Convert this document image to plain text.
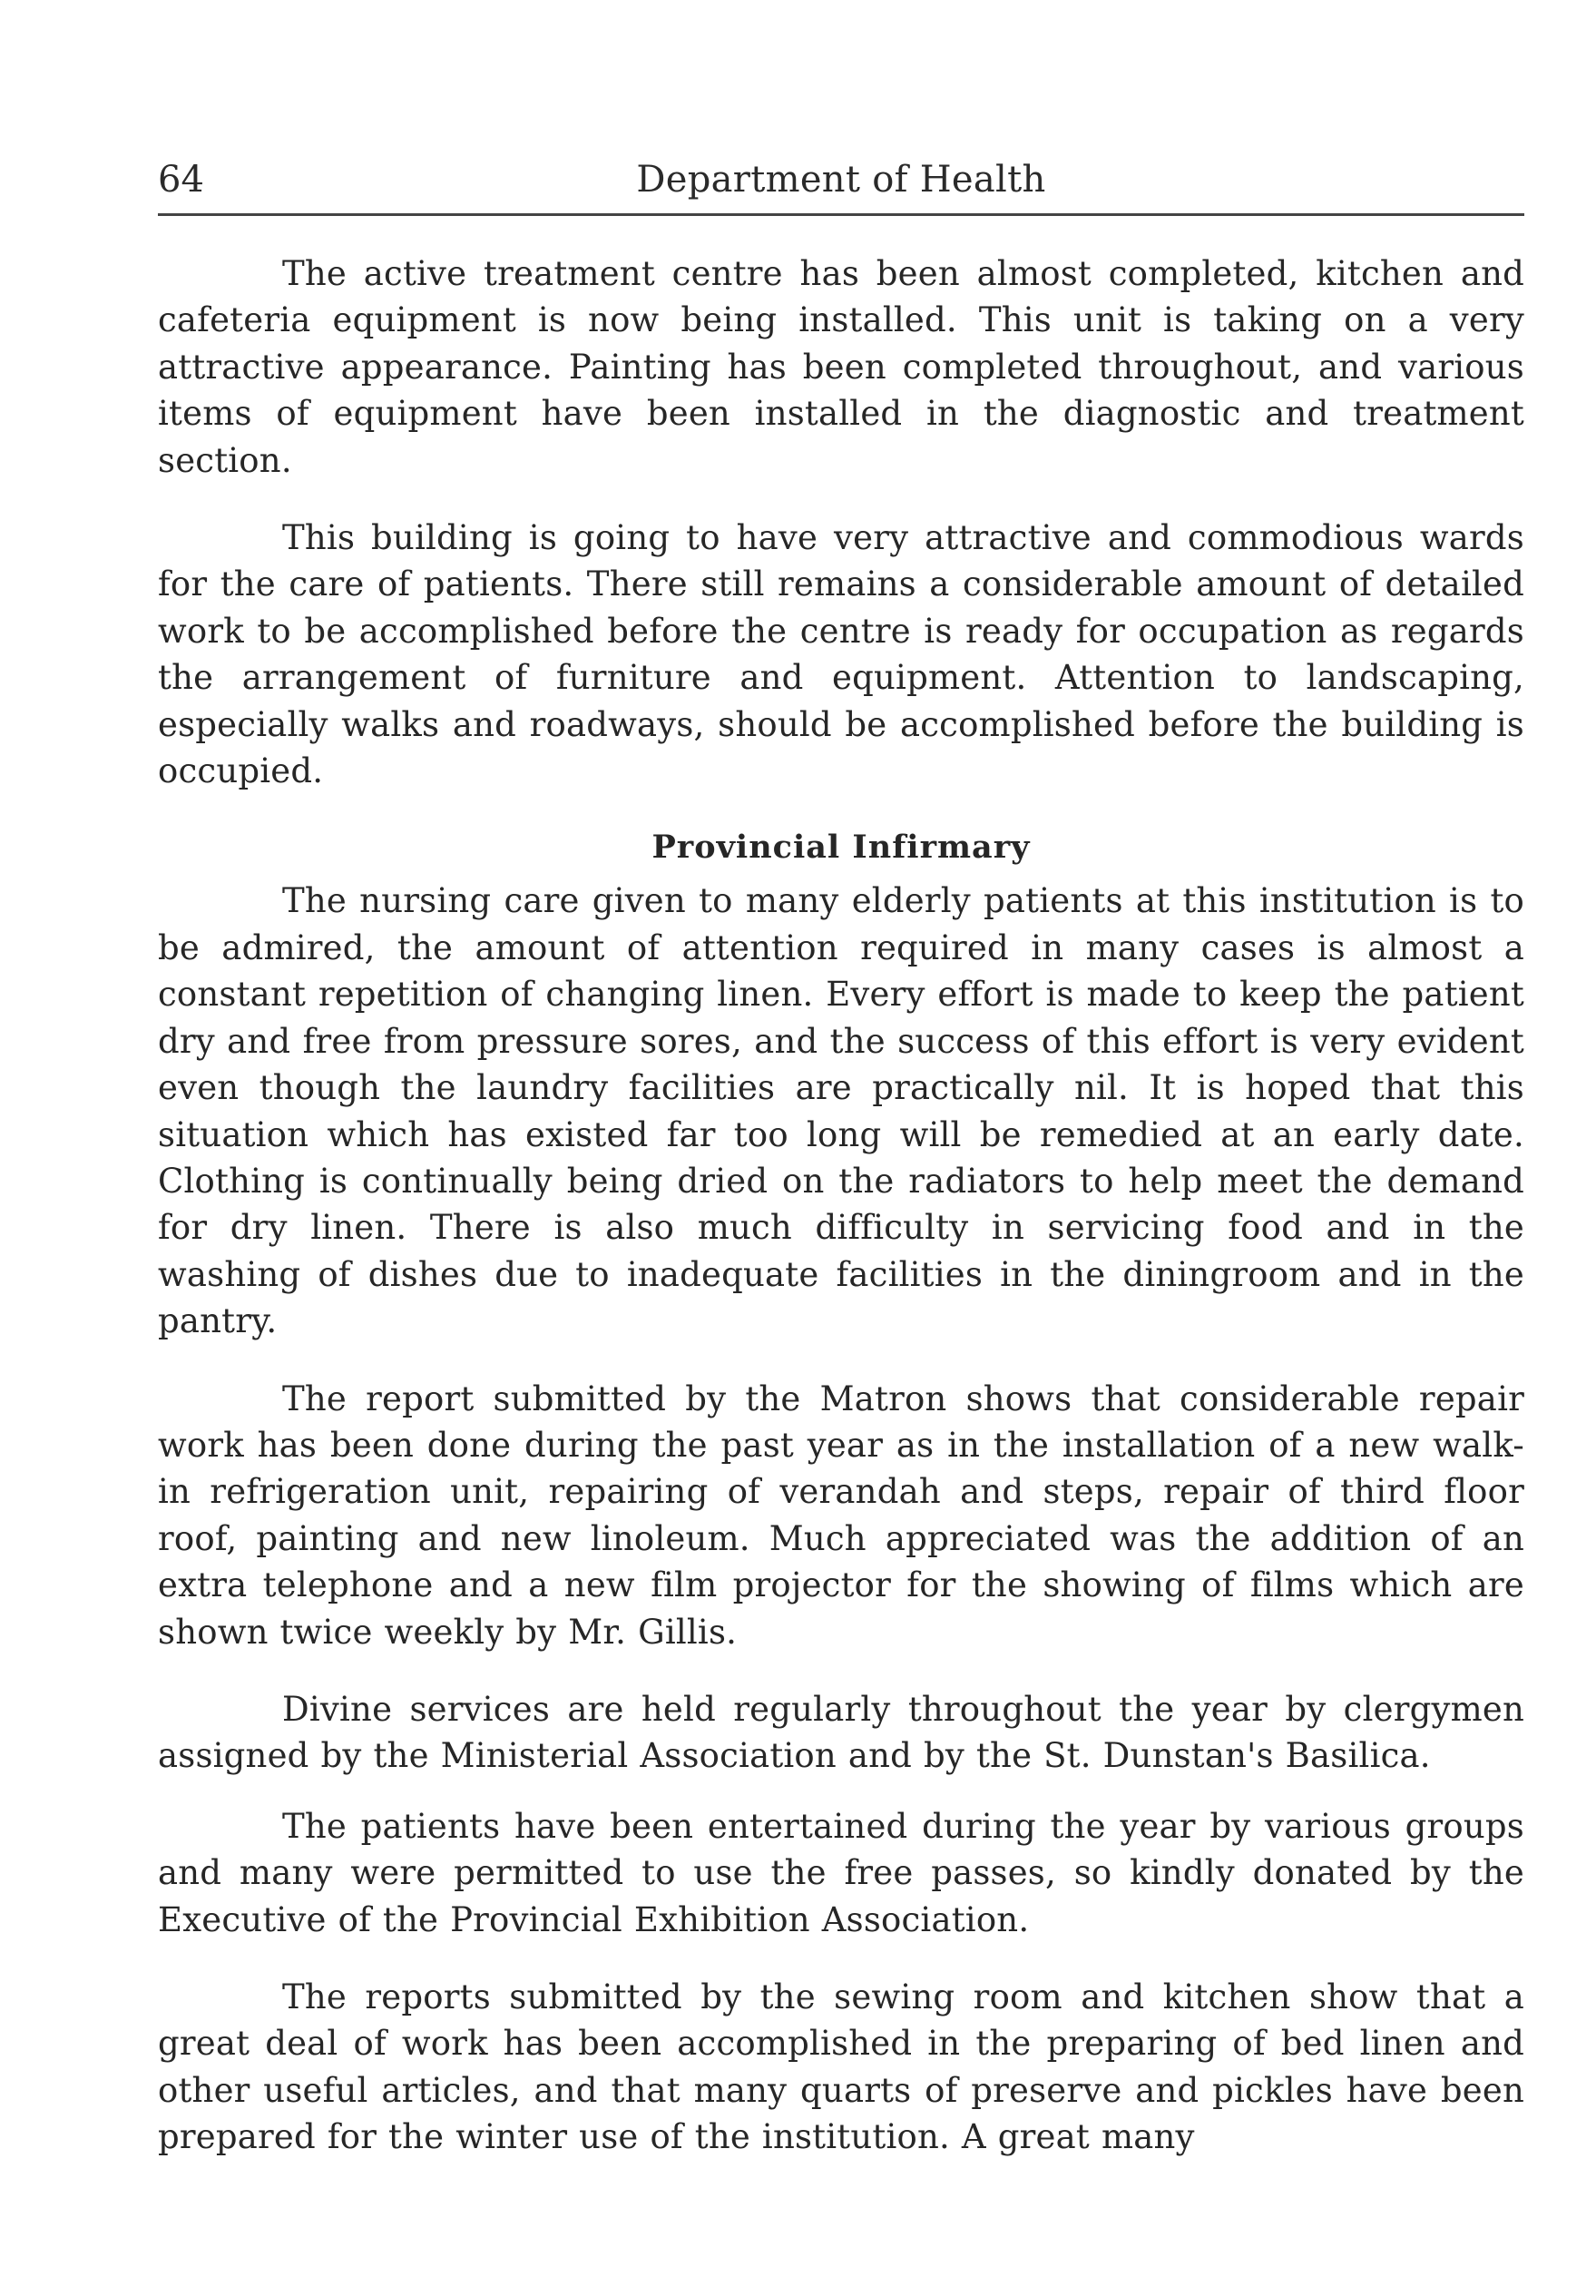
64	Department of Health

The active treatment centre has been almost completed, kitchen and cafeteria equipment is now being installed. This unit is taking on a very attractive appearance. Painting has been completed throughout, and various items of equipment have been installed in the diagnostic and treatment section.

This building is going to have very attractive and commodious wards for the care of patients. There still remains a considerable amount of detailed work to be accomplished before the centre is ready for occupation as regards the arrangement of furniture and equipment. Attention to landscaping, especially walks and roadways, should be accomplished before the building is occupied.

Provincial Infirmary

The nursing care given to many elderly patients at this institution is to be admired, the amount of attention required in many cases is almost a constant repetition of changing linen. Every effort is made to keep the patient dry and free from pressure sores, and the success of this effort is very evident even though the laundry facilities are practically nil. It is hoped that this situation which has existed far too long will be remedied at an early date. Clothing is continually being dried on the radiators to help meet the demand for dry linen. There is also much difficulty in servicing food and in the washing of dishes due to inadequate facilities in the diningroom and in the pantry.

The report submitted by the Matron shows that considerable repair work has been done during the past year as in the installation of a new walk-in refrigeration unit, repairing of verandah and steps, repair of third floor roof, painting and new linoleum. Much appreciated was the addition of an extra telephone and a new film projector for the showing of films which are shown twice weekly by Mr. Gillis.

Divine services are held regularly throughout the year by clergymen assigned by the Ministerial Association and by the St. Dunstan's Basilica.

The patients have been entertained during the year by various groups and many were permitted to use the free passes, so kindly donated by the Executive of the Provincial Exhibition Association.

The reports submitted by the sewing room and kitchen show that a great deal of work has been accomplished in the preparing of bed linen and other useful articles, and that many quarts of preserve and pickles have been prepared for the winter use of the institution. A great many
